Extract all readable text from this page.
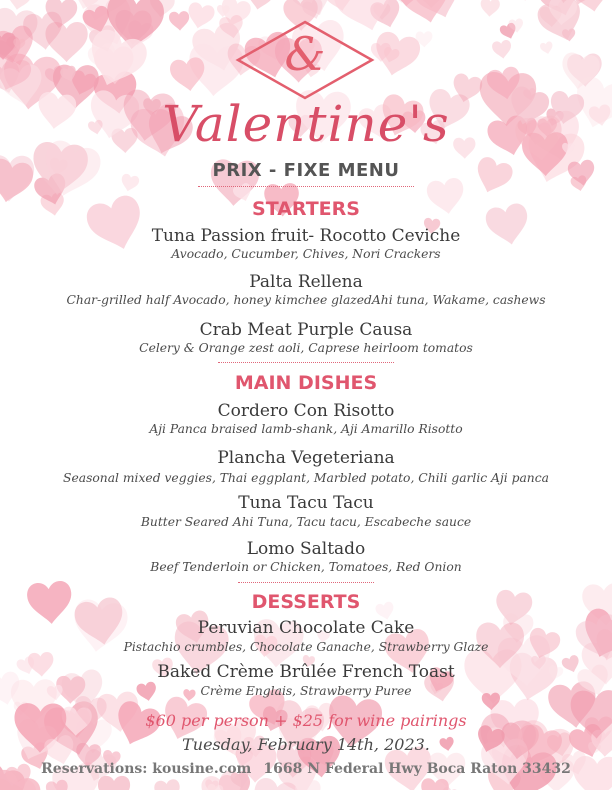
&
Valentine's
PRIX - FIXE MENU
STARTERS
Tuna Passion fruit- Rocotto Ceviche
Avocado, Cucumber, Chives, Nori Crackers
Palta Rellena
Char-grilled half Avocado, honey kimchee glazedAhi tuna, Wakame, cashews
Crab Meat Purple Causa
Celery & Orange zest aoli, Caprese heirloom tomatos
MAIN DISHES
Cordero Con Risotto
Aji Panca braised lamb-shank, Aji Amarillo Risotto
Plancha Vegeteriana
Seasonal mixed veggies, Thai eggplant, Marbled potato, Chili garlic Aji panca
Tuna Tacu Tacu
Butter Seared Ahi Tuna, Tacu tacu, Escabeche sauce
Lomo Saltado
Beef Tenderloin or Chicken, Tomatoes, Red Onion
DESSERTS
Peruvian Chocolate Cake
Pistachio crumbles, Chocolate Ganache, Strawberry Glaze
Baked Crème Brûlée French Toast
Crème Englais, Strawberry Puree
$60 per person + $25 for wine pairings
Tuesday, February 14th, 2023.
Reservations: kousine.com 1668 N Federal Hwy Boca Raton 33432
